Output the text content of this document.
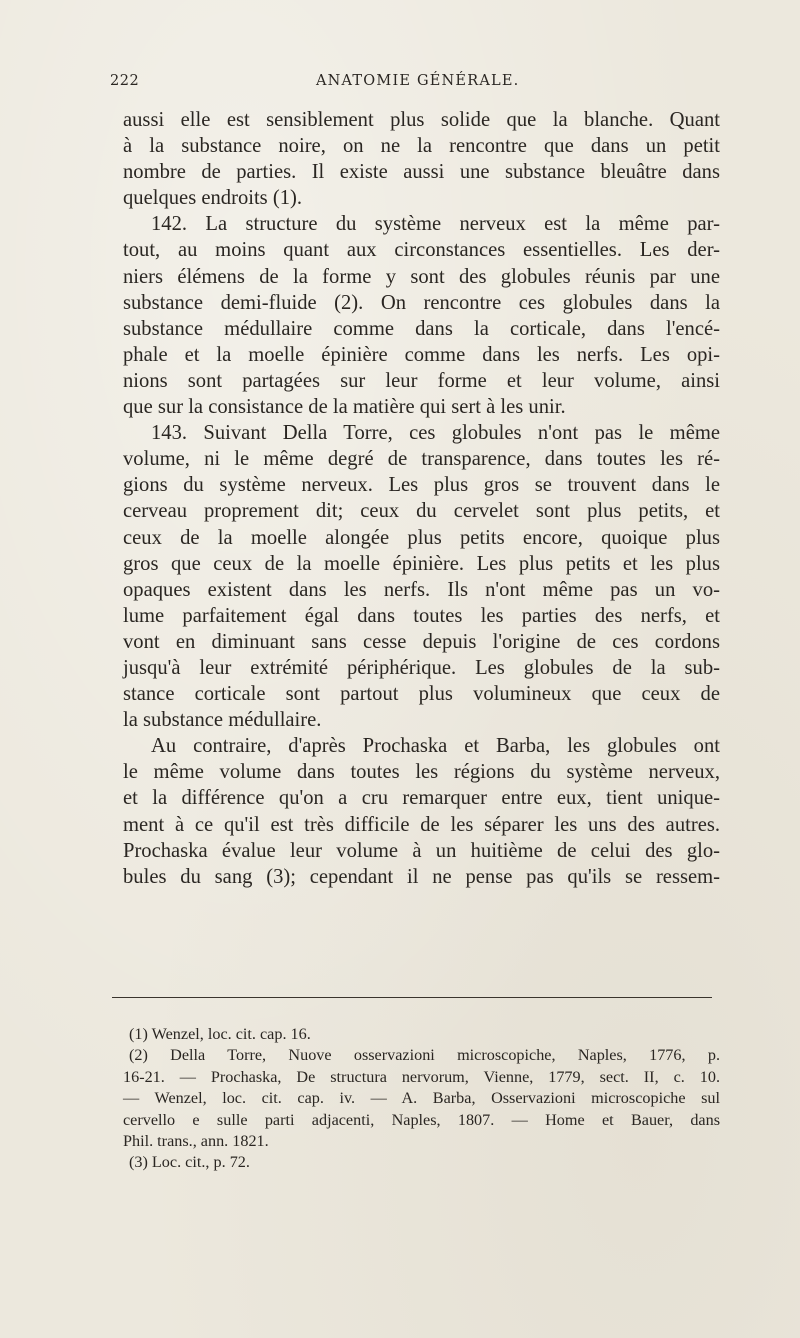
222	ANATOMIE GÉNÉRALE.
aussi elle est sensiblement plus solide que la blanche. Quant
à la substance noire, on ne la rencontre que dans un petit
nombre de parties. Il existe aussi une substance bleuâtre dans
quelques endroits (1).
142. La structure du système nerveux est la même par-
tout, au moins quant aux circonstances essentielles. Les der-
niers élémens de la forme y sont des globules réunis par une
substance demi-fluide (2). On rencontre ces globules dans la
substance médullaire comme dans la corticale, dans l'encé-
phale et la moelle épinière comme dans les nerfs. Les opi-
nions sont partagées sur leur forme et leur volume, ainsi
que sur la consistance de la matière qui sert à les unir.
143. Suivant Della Torre, ces globules n'ont pas le même
volume, ni le même degré de transparence, dans toutes les ré-
gions du système nerveux. Les plus gros se trouvent dans le
cerveau proprement dit; ceux du cervelet sont plus petits, et
ceux de la moelle alongée plus petits encore, quoique plus
gros que ceux de la moelle épinière. Les plus petits et les plus
opaques existent dans les nerfs. Ils n'ont même pas un vo-
lume parfaitement égal dans toutes les parties des nerfs, et
vont en diminuant sans cesse depuis l'origine de ces cordons
jusqu'à leur extrémité périphérique. Les globules de la sub-
stance corticale sont partout plus volumineux que ceux de
la substance médullaire.
Au contraire, d'après Prochaska et Barba, les globules ont
le même volume dans toutes les régions du système nerveux,
et la différence qu'on a cru remarquer entre eux, tient unique-
ment à ce qu'il est très difficile de les séparer les uns des autres.
Prochaska évalue leur volume à un huitième de celui des glo-
bules du sang (3); cependant il ne pense pas qu'ils se ressem-
(1) Wenzel, loc. cit. cap. 16.
(2) Della Torre, Nuove osservazioni microscopiche, Naples, 1776, p.
16-21. — Prochaska, De structura nervorum, Vienne, 1779, sect. II, c. 10.
— Wenzel, loc. cit. cap. iv. — A. Barba, Osservazioni microscopiche sul
cervello e sulle parti adjacenti, Naples, 1807. — Home et Bauer, dans
Phil. trans., ann. 1821.
(3) Loc. cit., p. 72.
